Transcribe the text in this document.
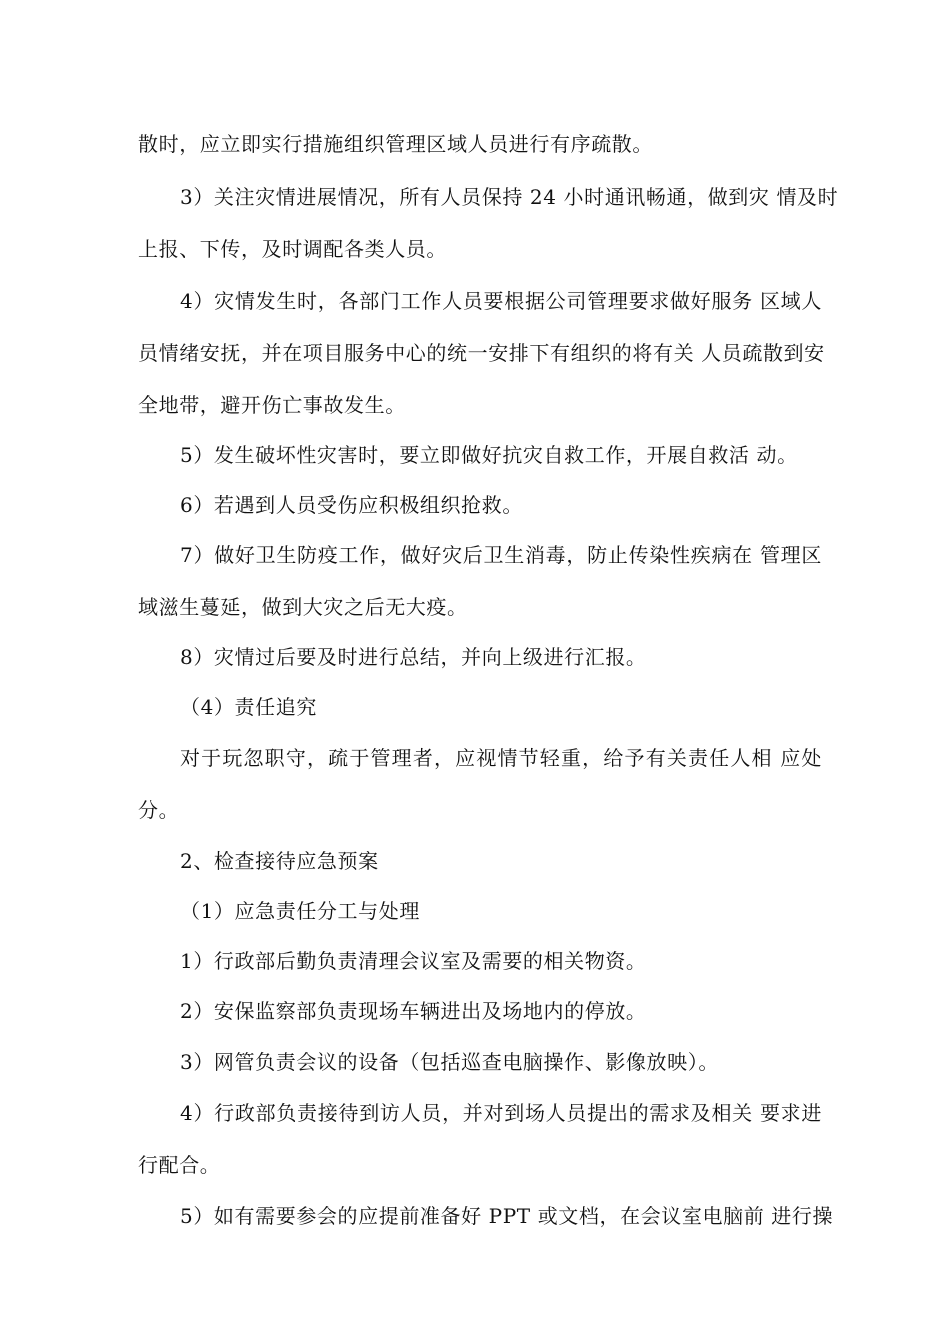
散时，应立即实行措施组织管理区域人员进行有序疏散。
3）关注灾情进展情况，所有人员保持 24 小时通讯畅通，做到灾 情及时
上报、下传，及时调配各类人员。
4）灾情发生时，各部门工作人员要根据公司管理要求做好服务 区域人
员情绪安抚，并在项目服务中心的统一安排下有组织的将有关 人员疏散到安
全地带，避开伤亡事故发生。
5）发生破坏性灾害时，要立即做好抗灾自救工作，开展自救活 动。
6）若遇到人员受伤应积极组织抢救。
7）做好卫生防疫工作，做好灾后卫生消毒，防止传染性疾病在 管理区
域滋生蔓延，做到大灾之后无大疫。
8）灾情过后要及时进行总结，并向上级进行汇报。
（4）责任追究
对于玩忽职守，疏于管理者，应视情节轻重，给予有关责任人相 应处
分。
2、检查接待应急预案
（1）应急责任分工与处理
1）行政部后勤负责清理会议室及需要的相关物资。
2）安保监察部负责现场车辆进出及场地内的停放。
3）网管负责会议的设备（包括巡查电脑操作、影像放映）。
4）行政部负责接待到访人员，并对到场人员提出的需求及相关 要求进
行配合。
5）如有需要参会的应提前准备好 PPT 或文档，在会议室电脑前 进行操
